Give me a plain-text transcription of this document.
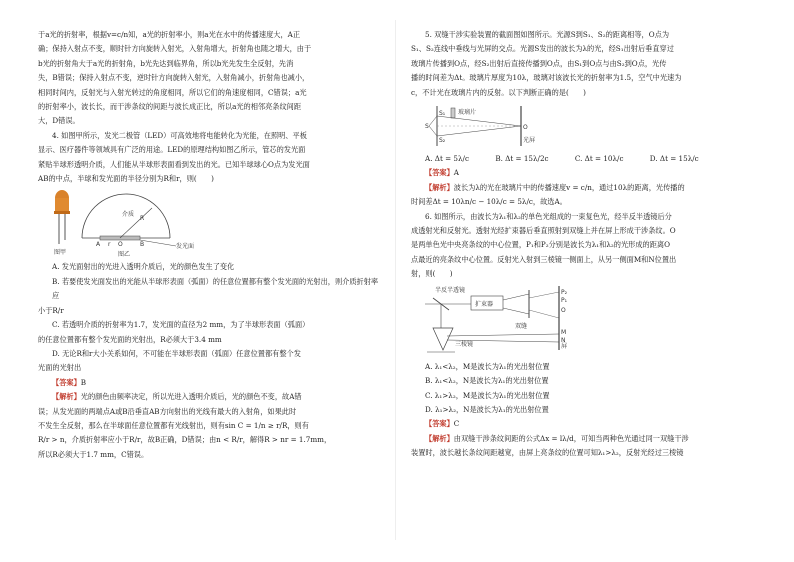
于a光的折射率，根据v=c/n知，a光的折射率小，则a光在水中的传播速度大，A正

确；保持入射点不变，顺时针方向旋转入射光，入射角增大，折射角也随之增大，由于

b光的折射角大于a光的折射角，b光先达到临界角，所以b光先发生全反射，先消

失，B错误；保持入射点不变，逆时针方向旋转入射光，入射角减小，折射角也减小，

相同时间内，反射光与入射光转过的角度相同，所以它们的角速度相同，C错误；a光

的折射率小，波长长，而干涉条纹的间距与波长成正比，所以a光的相邻亮条纹间距

大，D错误。

4. 如图甲所示，发光二极管（LED）可高效地将电能转化为光能，在照明、平板

显示、医疗器件等领域具有广泛的用途。LED的原理结构如图乙所示，管芯的发光面

紧贴半球形透明介质，人们能从半球形表面看到发出的光。已知半球球心O点为发光面

AB的中点，半球和发光面的半径分别为R和r，则(　　)

图甲
介质
R
A r O	B	发光面
图乙

A. 发光面射出的光进入透明介质后，光的颜色发生了变化

B. 若要使发光面发出的光能从半球形表面（弧面）的任意位置都有整个发光面的光射出，则介质折射率应

小于R/r

C. 若透明介质的折射率为1.7，发光面的直径为2 mm，为了半球形表面（弧面）

的任意位置都有整个发光面的光射出，R必须大于3.4 mm

D. 无论R和r大小关系如何，不可能在半球形表面（弧面）任意位置都有整个发

光面的光射出

【答案】B

【解析】光的颜色由频率决定，所以光进入透明介质后，光的颜色不变，故A错

误；从发光面的两端点A或B沿垂直AB方向射出的光线有最大的入射角，如果此时

不发生全反射，那么在半球面任意位置都有光线射出，则有sin C = 1/n ≥ r/R，则有

R/r > n，介质折射率应小于R/r，故B正确，D错误；由n < R/r，解得R > nr = 1.7mm，

所以R必须大于1.7 mm，C错误。

5. 双缝干涉实验装置的截面图如图所示。光源S到S₁、S₂的距离相等，O点为

S₁、S₂连线中垂线与光屏的交点。光源S发出的波长为λ的光，经S₁出射后垂直穿过

玻璃片传播到O点，经S₂出射后直接传播到O点，由S₁到O点与由S₂到O点，光传

播的时间差为Δt。玻璃片厚度为10λ，玻璃对该波长光的折射率为1.5，空气中光速为

c，不计光在玻璃片内的反射。以下判断正确的是(　　)

S
S₁
S₂
玻璃片
O
光屏

A. Δt = 5λ/c	B. Δt = 15λ/2c	C. Δt = 10λ/c	D. Δt = 15λ/c

【答案】A

【解析】波长为λ的光在玻璃片中的传播速度v = c/n，通过10λ的距离，光传播的

时间差Δt = 10λn/c − 10λ/c = 5λ/c，故选A。

6. 如图所示，由波长为λ₁和λ₂的单色光组成的一束复色光，经半反半透镜后分

成透射光和反射光。透射光经扩束器后垂直照射到双缝上并在屏上形成干涉条纹。O

是两单色光中央亮条纹的中心位置，P₁和P₂分别是波长为λ₁和λ₂的光形成的距离O

点最近的亮条纹中心位置。反射光入射到三棱镜一侧面上，从另一侧面M和N位置出

射，则(　　)

半反半透镜
扩束器
双缝
三棱镜	屏
P₂
P₁
O
M
N

A. λ₁<λ₂，M是波长为λ₁的光出射位置

B. λ₁<λ₂，N是波长为λ₁的光出射位置

C. λ₁>λ₂，M是波长为λ₁的光出射位置

D. λ₁>λ₂，N是波长为λ₁的光出射位置

【答案】C

【解析】由双缝干涉条纹间距的公式Δx = lλ/d，可知当两种色光通过同一双缝干涉

装置时，波长越长条纹间距越宽，由屏上亮条纹的位置可知λ₁>λ₂，反射光经过三棱镜
